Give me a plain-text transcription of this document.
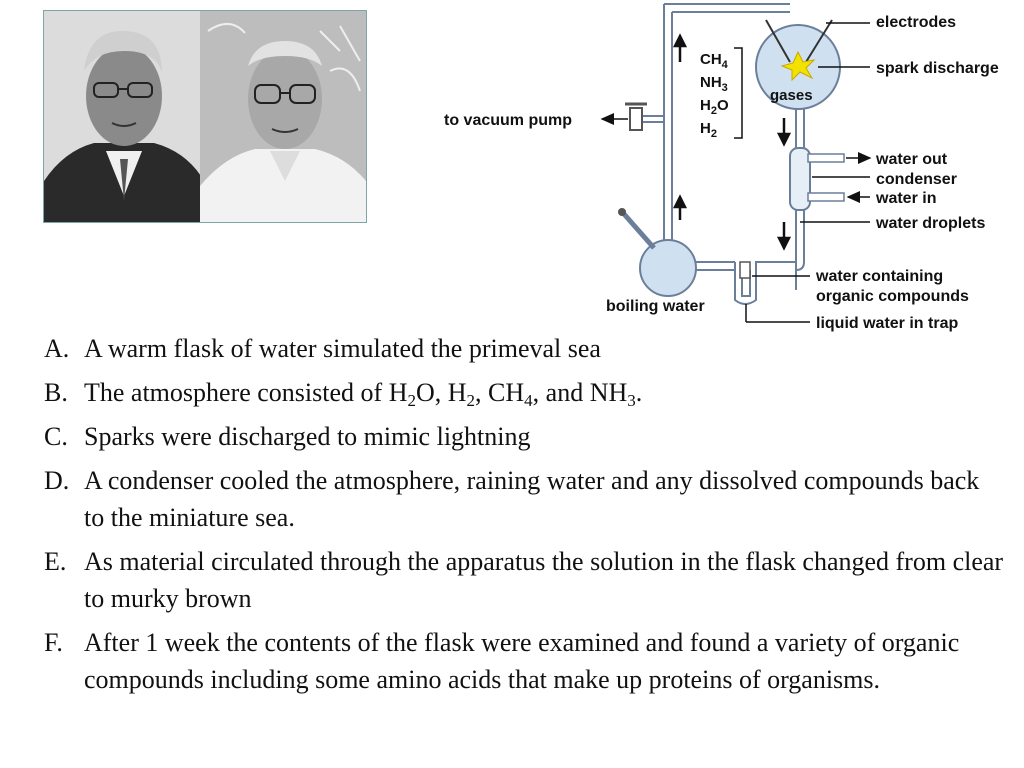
$CH_4$
$NH_3$
$H_2O$
$H_2$
electrodes
spark discharge
gases
to vacuum pump
water out
condenser
water in
water droplets
water containing
organic compounds
boiling water
liquid water in trap
A. A warm flask of water simulated the primeval sea
B. The atmosphere consisted of $H_2O$, $H_2$, $CH_4$, and $NH_3$.
C. Sparks were discharged to mimic lightning
D. A condenser cooled the atmosphere, raining water and any dissolved compounds back to the miniature sea.
E. As material circulated through the apparatus the solution in the flask changed from clear to murky brown
F. After 1 week the contents of the flask were examined and found a variety of organic compounds including some amino acids that make up proteins of organisms.
